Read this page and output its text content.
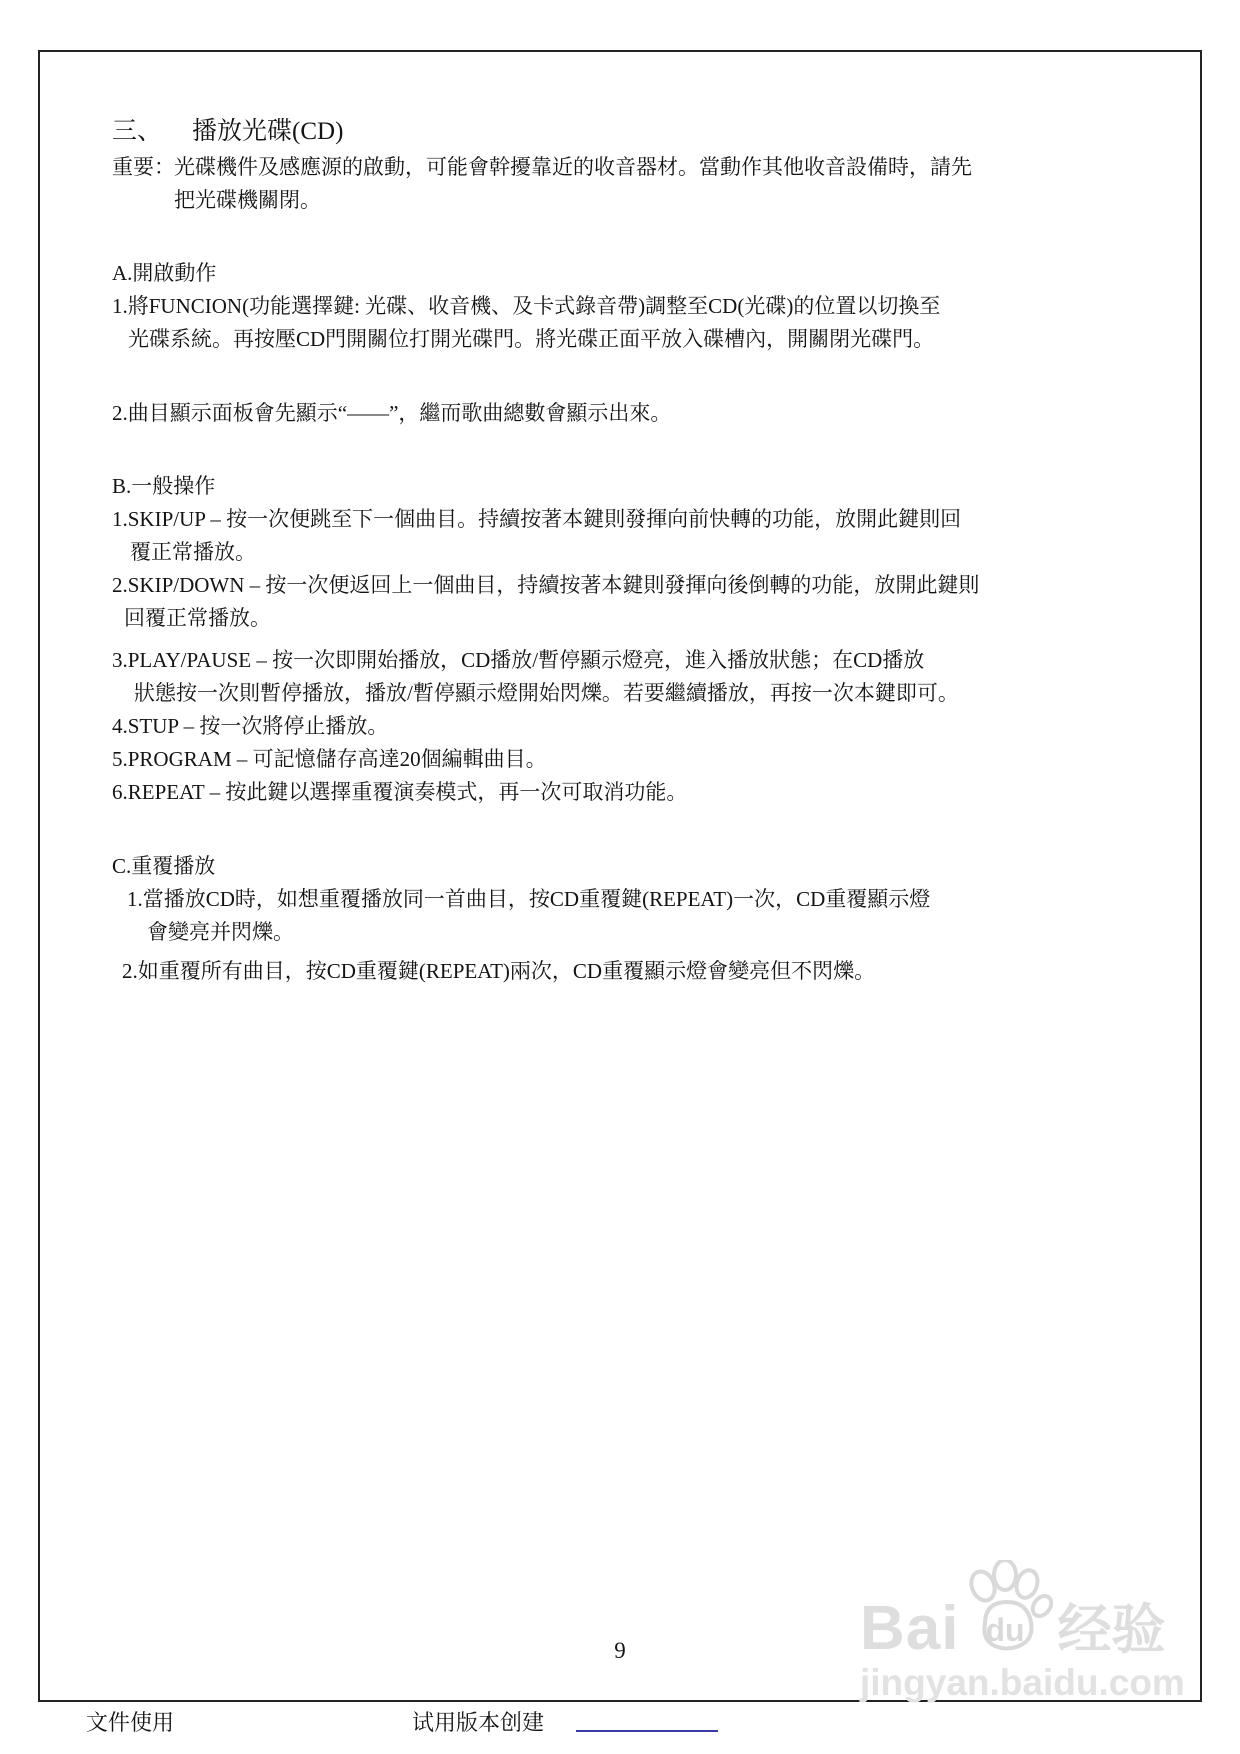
三、 播放光碟(CD)
重要： 光碟機件及感應源的啟動，可能會幹擾靠近的收音器材。當動作其他收音設備時，請先
把光碟機關閉。
A.開啟動作
1.將FUNCION(功能選擇鍵: 光碟、收音機、及卡式錄音帶)調整至CD(光碟)的位置以切換至
光碟系統。再按壓CD門開關位打開光碟門。將光碟正面平放入碟槽內，開關閉光碟門。
2.曲目顯示面板會先顯示“——”，繼而歌曲總數會顯示出來。
B.一般操作
1.SKIP/UP – 按一次便跳至下一個曲目。持續按著本鍵則發揮向前快轉的功能，放開此鍵則回
覆正常播放。
2.SKIP/DOWN – 按一次便返回上一個曲目，持續按著本鍵則發揮向後倒轉的功能，放開此鍵則
回覆正常播放。
3.PLAY/PAUSE – 按一次即開始播放，CD播放/暫停顯示燈亮，進入播放狀態；在CD播放
狀態按一次則暫停播放，播放/暫停顯示燈開始閃爍。若要繼續播放，再按一次本鍵即可。
4.STUP – 按一次將停止播放。
5.PROGRAM – 可記憶儲存高達20個編輯曲目。
6.REPEAT – 按此鍵以選擇重覆演奏模式，再一次可取消功能。
C.重覆播放
1.當播放CD時，如想重覆播放同一首曲目，按CD重覆鍵(REPEAT)一次，CD重覆顯示燈
會變亮并閃爍。
2.如重覆所有曲目，按CD重覆鍵(REPEAT)兩次，CD重覆顯示燈會變亮但不閃爍。
9	Bai du 经验
jingyan.baidu.com
文件使用	试用版本创建
